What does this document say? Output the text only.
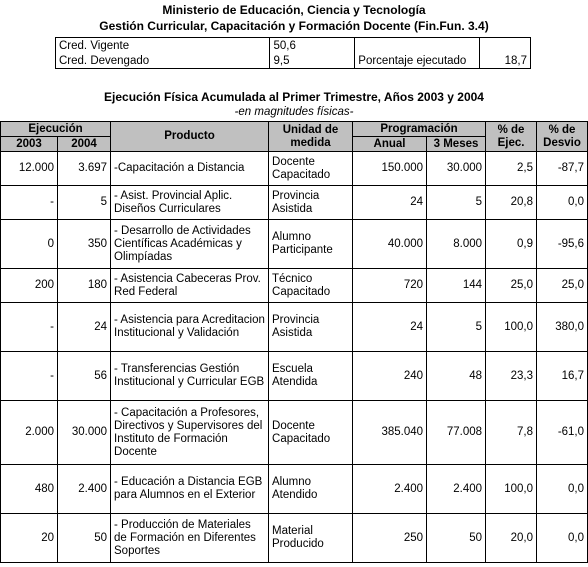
Ministerio de Educación, Ciencia y Tecnología
Gestión Curricular, Capacitación y Formación Docente (Fin.Fun. 3.4)
Cred. Vigente	50,6		
Cred. Devengado	9,5	Porcentaje ejecutado	18,7
Ejecución Física Acumulada al Primer Trimestre, Años 2003 y 2004
-en magnitudes físicas-
Ejecución		Producto	Unidad de medida	Programación		% de Ejec.	% de Desvio
2003	2004			Anual	3 Meses		
12.000	3.697	-Capacitación a Distancia	Docente Capacitado	150.000	30.000	2,5	-87,7
-	5	- Asist. Provincial Aplic. Diseños Curriculares	Provincia Asistida	24	5	20,8	0,0
0	350	- Desarrollo de Actividades Científicas Académicas y Olimpíadas	Alumno Participante	40.000	8.000	0,9	-95,6
200	180	- Asistencia Cabeceras Prov. Red Federal	Técnico Capacitado	720	144	25,0	25,0
-	24	- Asistencia para Acreditacion Institucional y Validación	Provincia Asistida	24	5	100,0	380,0
-	56	- Transferencias Gestión Institucional y Curricular EGB	Escuela Atendida	240	48	23,3	16,7
2.000	30.000	- Capacitación a Profesores, Directivos y Supervisores del Instituto de Formación Docente	Docente Capacitado	385.040	77.008	7,8	-61,0
480	2.400	- Educación a Distancia EGB para Alumnos en el Exterior	Alumno Atendido	2.400	2.400	100,0	0,0
20	50	- Producción de Materiales de Formación en Diferentes Soportes	Material Producido	250	50	20,0	0,0
